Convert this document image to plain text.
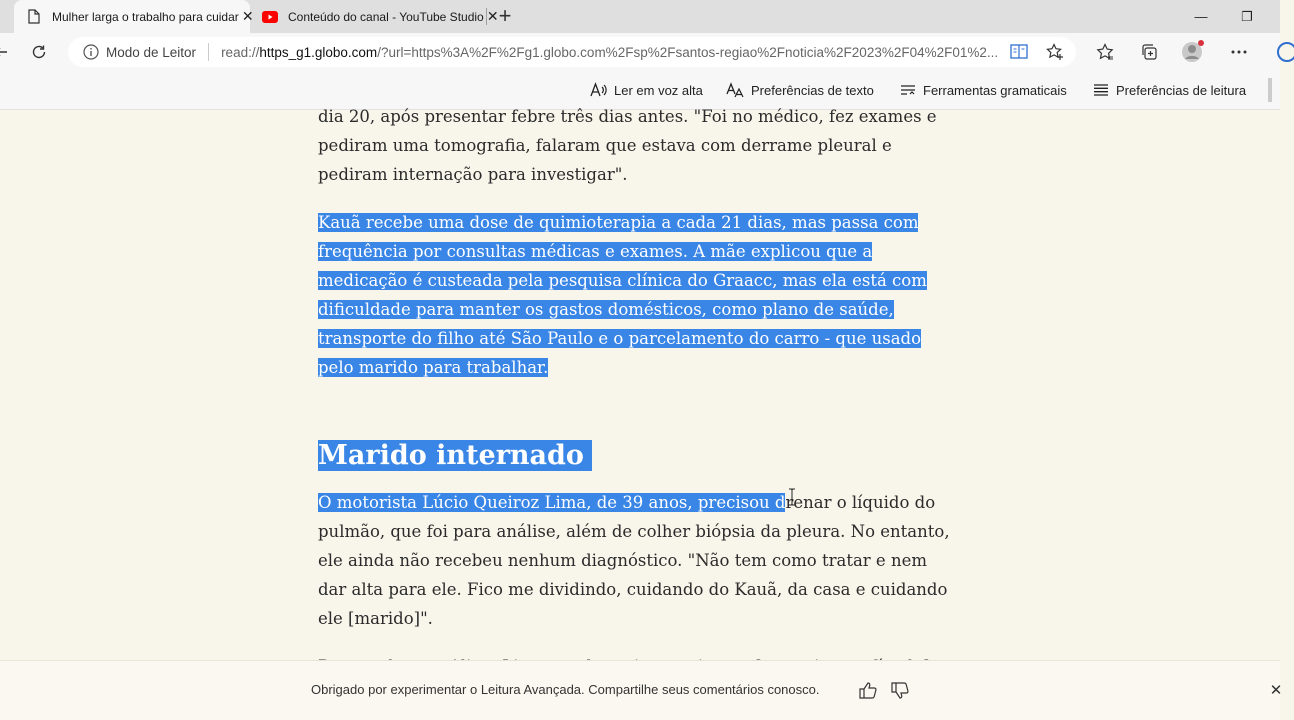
Mulher larga o trabalho para cuidar ✕	Conteúdo do canal - YouTube Studio ✕ +	—	❐
Modo de Leitor read://https_g1.globo.com/?url=https%3A%2F%2Fg1.globo.com%2Fsp%2Fsantos-regiao%2Fnoticia%2F2023%2F04%2F01%2...
Ler em voz alta	Preferências de texto	Ferramentas gramaticais	Preferências de leitura

dia 20, após presentar febre três dias antes. "Foi no médico, fez exames e pediram uma tomografia, falaram que estava com derrame pleural e pediram internação para investigar".

Kauã recebe uma dose de quimioterapia a cada 21 dias, mas passa com frequência por consultas médicas e exames. A mãe explicou que a medicação é custeada pela pesquisa clínica do Graacc, mas ela está com dificuldade para manter os gastos domésticos, como plano de saúde, transporte do filho até São Paulo e o parcelamento do carro - que usado pelo marido para trabalhar.

Marido internado

O motorista Lúcio Queiroz Lima, de 39 anos, precisou drenar o líquido do pulmão, que foi para análise, além de colher biópsia da pleura. No entanto, ele ainda não recebeu nenhum diagnóstico. "Não tem como tratar e nem dar alta para ele. Fico me dividindo, cuidando do Kauã, da casa e cuidando ele [marido]".

Obrigado por experimentar o Leitura Avançada. Compartilhe seus comentários conosco.	✕
